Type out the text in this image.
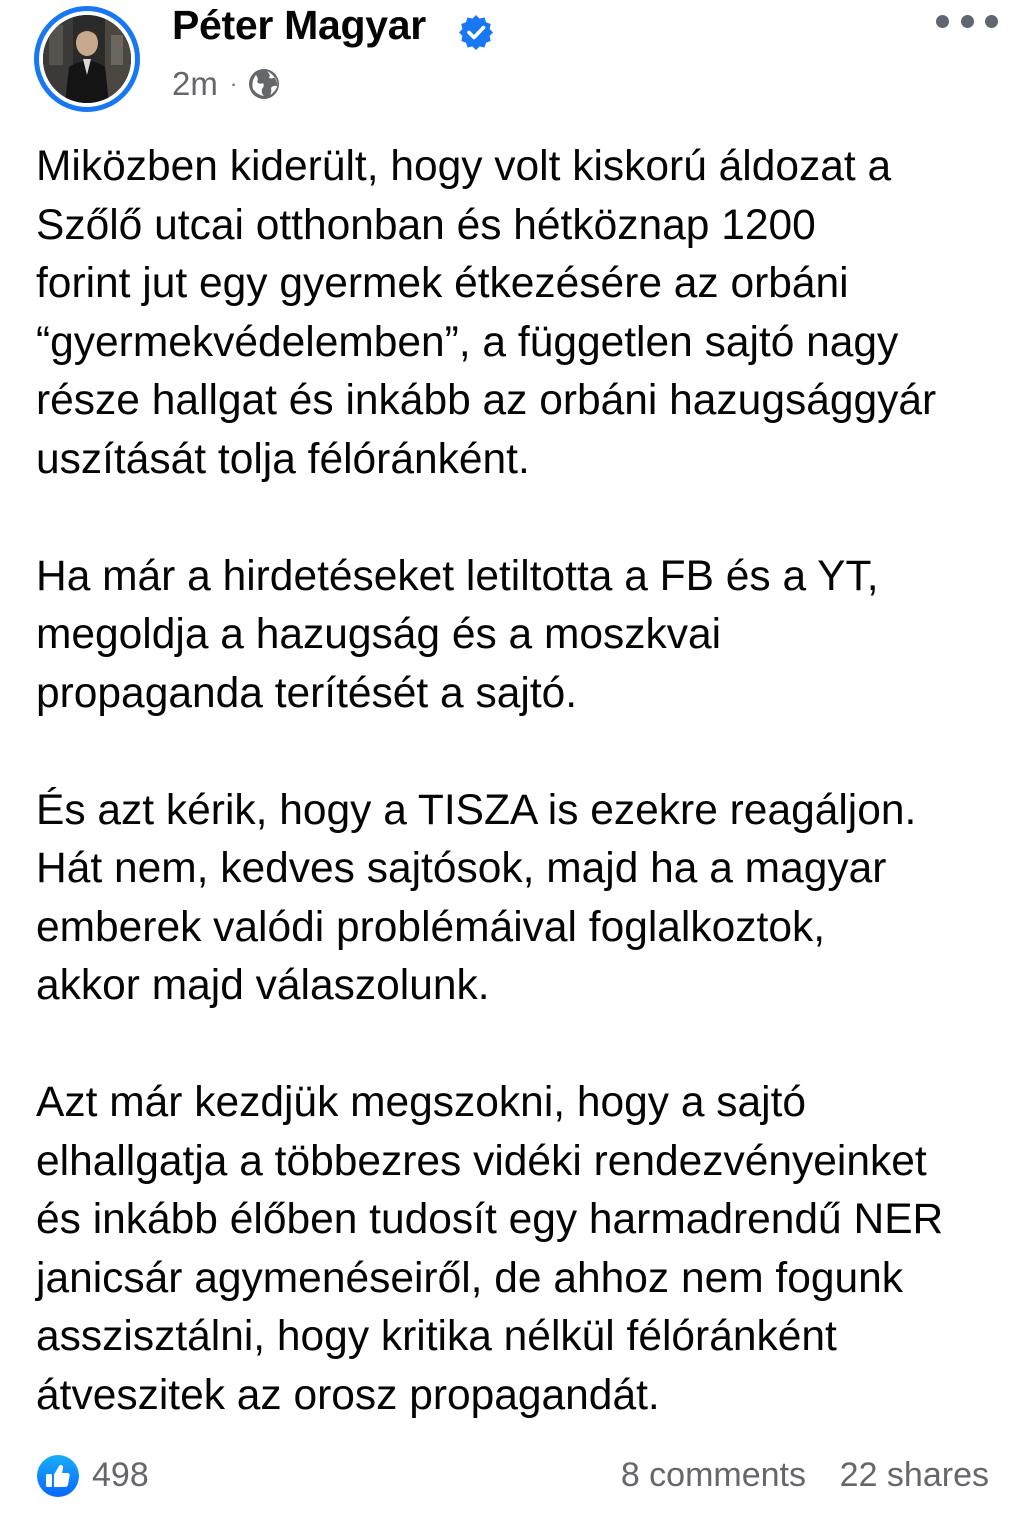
Péter Magyar
2m ·

Miközben kiderült, hogy volt kiskorú áldozat a
Szőlő utcai otthonban és hétköznap 1200
forint jut egy gyermek étkezésére az orbáni
“gyermekvédelemben”, a független sajtó nagy
része hallgat és inkább az orbáni hazugsággyár
uszítását tolja félóránként.

Ha már a hirdetéseket letiltotta a FB és a YT,
megoldja a hazugság és a moszkvai
propaganda terítését a sajtó.

És azt kérik, hogy a TISZA is ezekre reagáljon.
Hát nem, kedves sajtósok, majd ha a magyar
emberek valódi problémáival foglalkoztok,
akkor majd válaszolunk.

Azt már kezdjük megszokni, hogy a sajtó
elhallgatja a többezres vidéki rendezvényeinket
és inkább élőben tudosít egy harmadrendű NER
janicsár agymenéseiről, de ahhoz nem fogunk
asszisztálni, hogy kritika nélkül félóránként
átveszitek az orosz propagandát.

498	8 comments 22 shares
